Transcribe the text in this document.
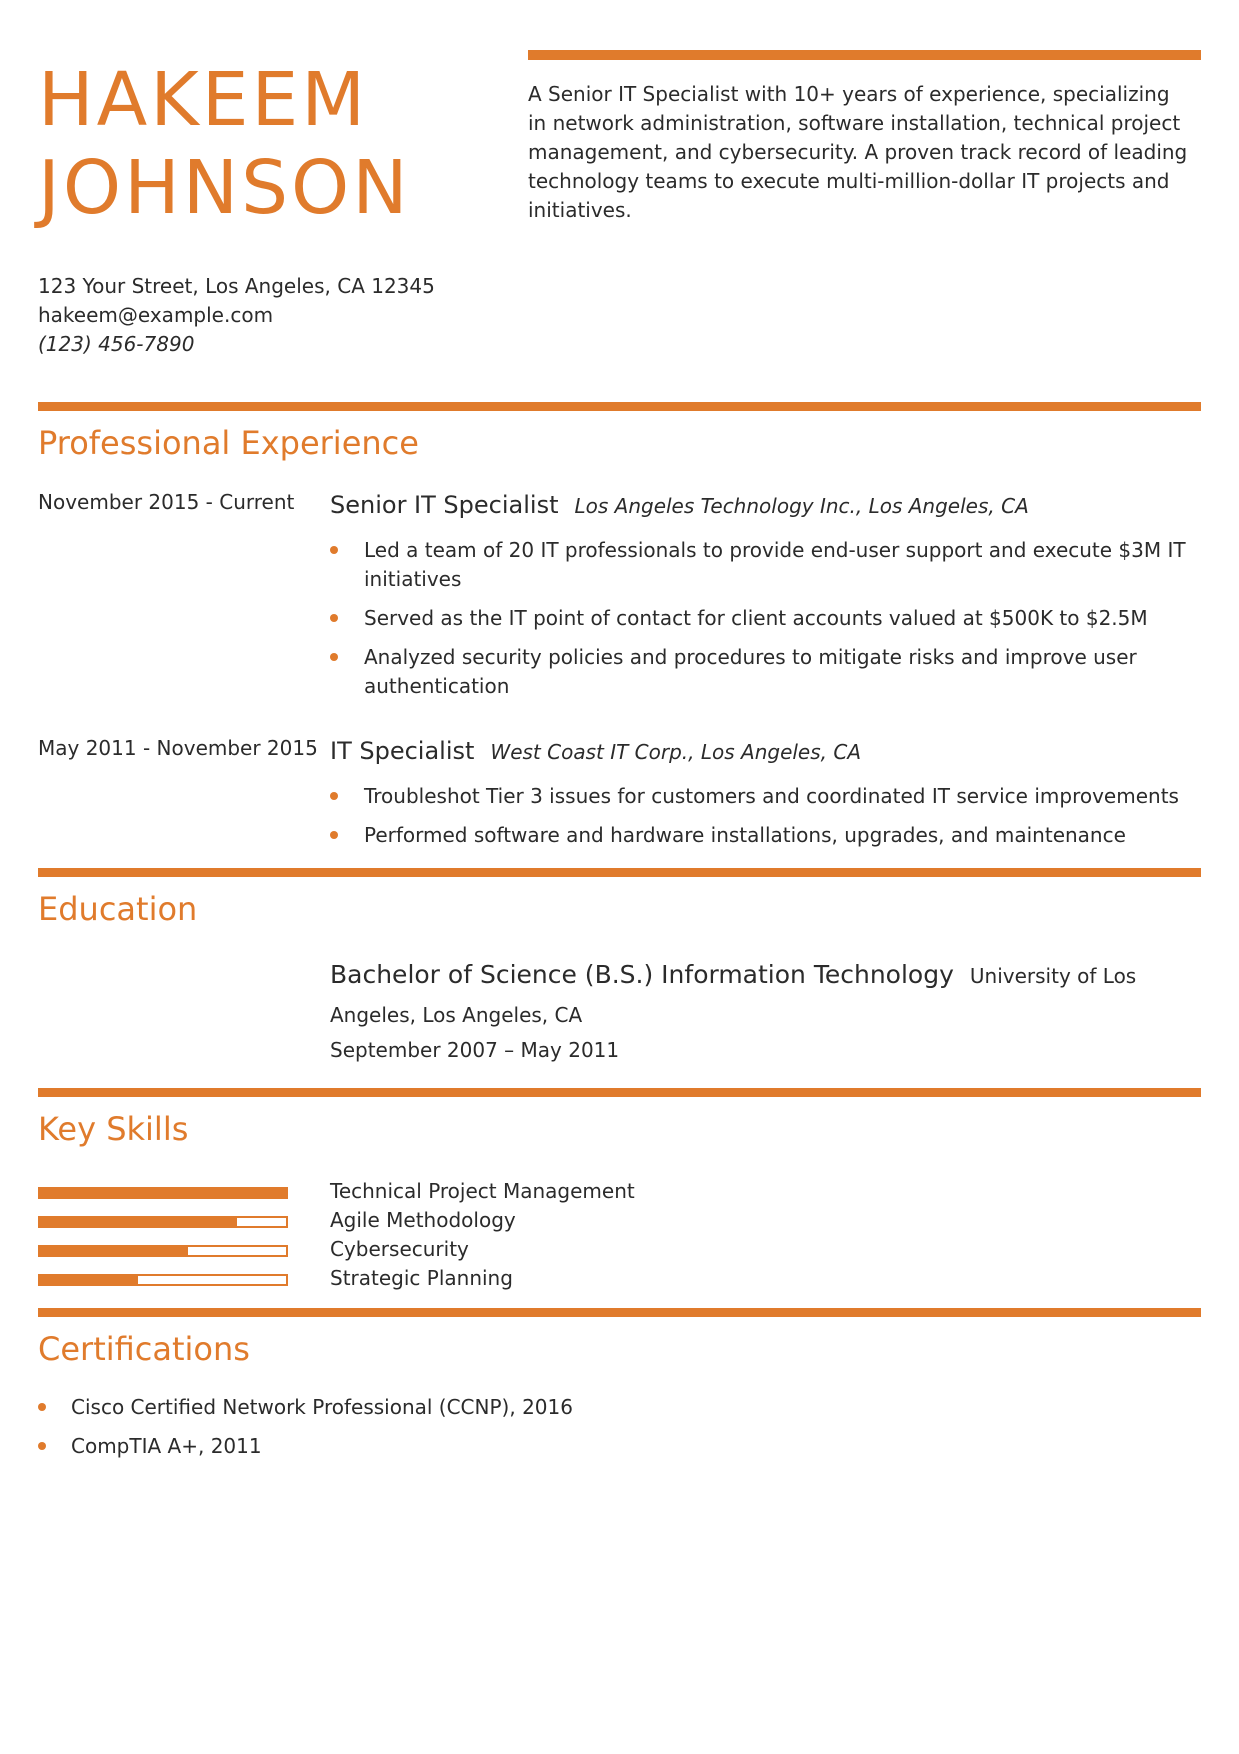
HAKEEM
JOHNSON
A Senior IT Specialist with 10+ years of experience, specializing in network administration, software installation, technical project management, and cybersecurity. A proven track record of leading technology teams to execute multi-million-dollar IT projects and initiatives.
123 Your Street, Los Angeles, CA 12345
hakeem@example.com
(123) 456-7890
Professional Experience
November 2015 - Current Senior IT Specialist Los Angeles Technology Inc., Los Angeles, CA
Led a team of 20 IT professionals to provide end-user support and execute $3M IT initiatives
Served as the IT point of contact for client accounts valued at $500K to $2.5M
Analyzed security policies and procedures to mitigate risks and improve user authentication
May 2011 - November 2015 IT Specialist West Coast IT Corp., Los Angeles, CA
Troubleshot Tier 3 issues for customers and coordinated IT service improvements
Performed software and hardware installations, upgrades, and maintenance
Education
Bachelor of Science (B.S.) Information Technology University of Los Angeles, Los Angeles, CA
September 2007 – May 2011
Key Skills
Technical Project Management
Agile Methodology
Cybersecurity
Strategic Planning
Certifications
Cisco Certified Network Professional (CCNP), 2016
CompTIA A+, 2011
